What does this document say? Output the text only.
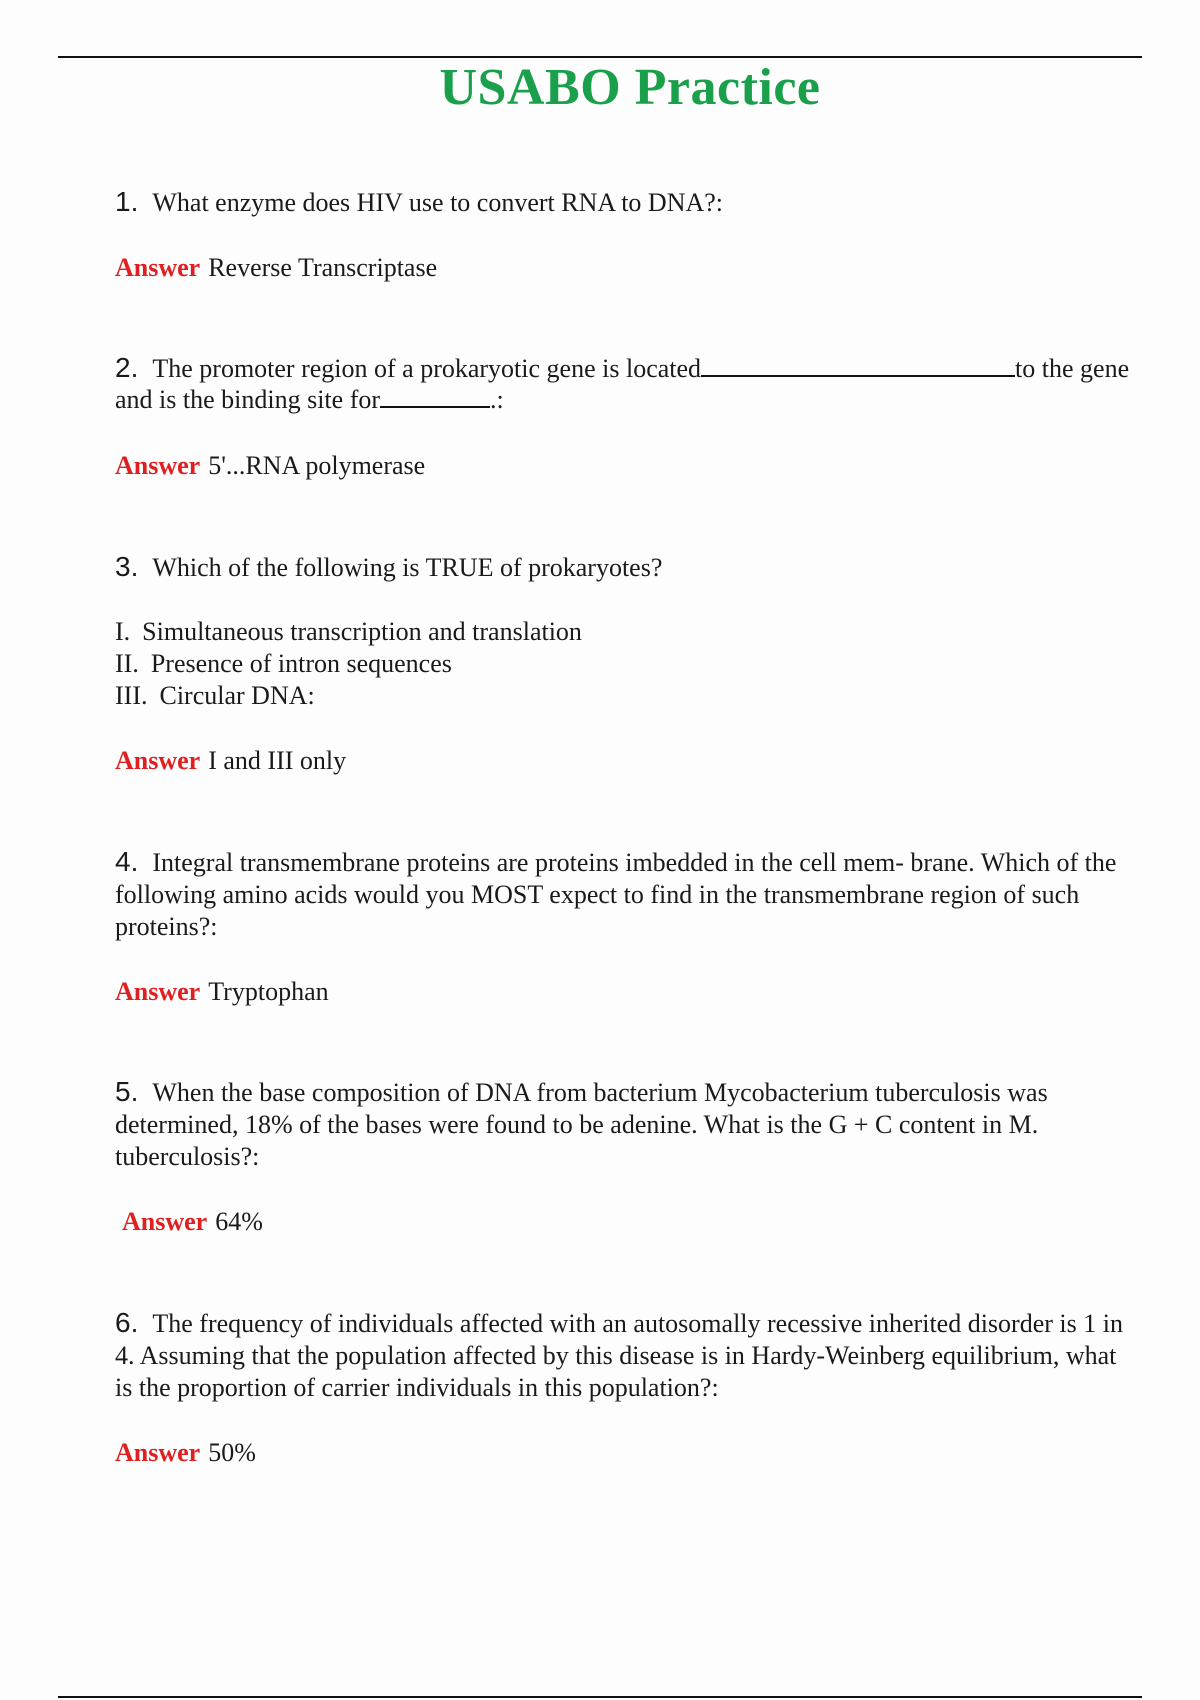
USABO Practice
1. What enzyme does HIV use to convert RNA to DNA?:
Answer Reverse Transcriptase
2. The promoter region of a prokaryotic gene is located	to the gene and is the binding site for	.:
Answer 5'...RNA polymerase
3. Which of the following is TRUE of prokaryotes?
I. Simultaneous transcription and translation
II. Presence of intron sequences
III. Circular DNA:
Answer I and III only
4. Integral transmembrane proteins are proteins imbedded in the cell mem- brane. Which of the following amino acids would you MOST expect to find in the transmembrane region of such proteins?:
Answer Tryptophan
5. When the base composition of DNA from bacterium Mycobacterium tuberculosis was determined, 18% of the bases were found to be adenine. What is the G + C content in M. tuberculosis?:
Answer 64%
6. The frequency of individuals affected with an autosomally recessive inherited disorder is 1 in 4. Assuming that the population affected by this disease is in Hardy-Weinberg equilibrium, what is the proportion of carrier individuals in this population?:
Answer 50%
